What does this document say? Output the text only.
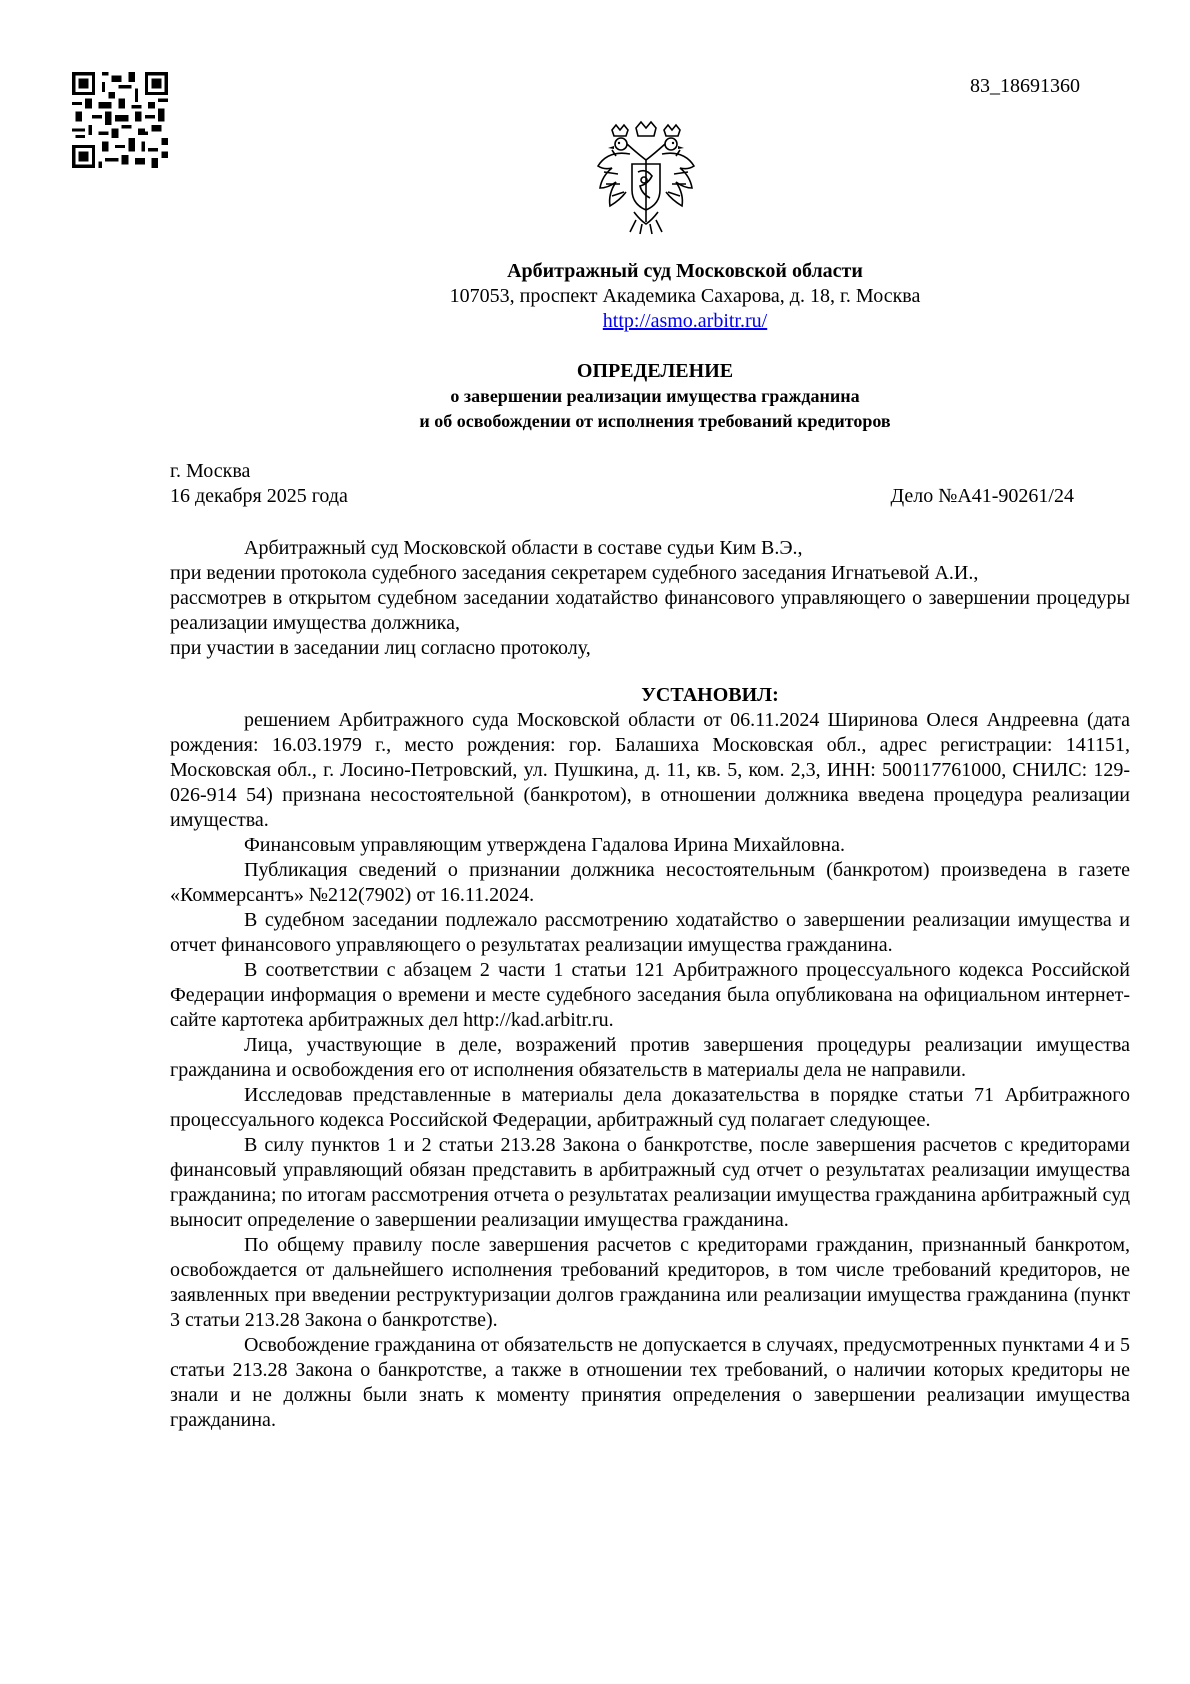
83_18691360
Арбитражный суд Московской области
107053, проспект Академика Сахарова, д. 18, г. Москва
http://asmo.arbitr.ru/
ОПРЕДЕЛЕНИЕ
о завершении реализации имущества гражданина
и об освобождении от исполнения требований кредиторов
г. Москва
16 декабря 2025 года	Дело №А41-90261/24

Арбитражный суд Московской области в составе судьи Ким В.Э.,

при ведении протокола судебного заседания секретарем судебного заседания Игнатьевой А.И.,

рассмотрев в открытом судебном заседании ходатайство финансового управляющего о завершении процедуры реализации имущества должника,

при участии в заседании лиц согласно протоколу,

УСТАНОВИЛ:

решением Арбитражного суда Московской области от 06.11.2024 Ширинова Олеся Андреевна (дата рождения: 16.03.1979 г., место рождения: гор. Балашиха Московская обл., адрес регистрации: 141151, Московская обл., г. Лосино-Петровский, ул. Пушкина, д. 11, кв. 5, ком. 2,3, ИНН: 500117761000, СНИЛС: 129-026-914 54) признана несостоятельной (банкротом), в отношении должника введена процедура реализации имущества.

Финансовым управляющим утверждена Гадалова Ирина Михайловна.

Публикация сведений о признании должника несостоятельным (банкротом) произведена в газете «Коммерсантъ» №212(7902) от 16.11.2024.

В судебном заседании подлежало рассмотрению ходатайство о завершении реализации имущества и отчет финансового управляющего о результатах реализации имущества гражданина.

В соответствии с абзацем 2 части 1 статьи 121 Арбитражного процессуального кодекса Российской Федерации информация о времени и месте судебного заседания была опубликована на официальном интернет-сайте картотека арбитражных дел http://kad.arbitr.ru.

Лица, участвующие в деле, возражений против завершения процедуры реализации имущества гражданина и освобождения его от исполнения обязательств в материалы дела не направили.

Исследовав представленные в материалы дела доказательства в порядке статьи 71 Арбитражного процессуального кодекса Российской Федерации, арбитражный суд полагает следующее.

В силу пунктов 1 и 2 статьи 213.28 Закона о банкротстве, после завершения расчетов с кредиторами финансовый управляющий обязан представить в арбитражный суд отчет о результатах реализации имущества гражданина; по итогам рассмотрения отчета о результатах реализации имущества гражданина арбитражный суд выносит определение о завершении реализации имущества гражданина.

По общему правилу после завершения расчетов с кредиторами гражданин, признанный банкротом, освобождается от дальнейшего исполнения требований кредиторов, в том числе требований кредиторов, не заявленных при введении реструктуризации долгов гражданина или реализации имущества гражданина (пункт 3 статьи 213.28 Закона о банкротстве).

Освобождение гражданина от обязательств не допускается в случаях, предусмотренных пунктами 4 и 5 статьи 213.28 Закона о банкротстве, а также в отношении тех требований, о наличии которых кредиторы не знали и не должны были знать к моменту принятия определения о завершении реализации имущества гражданина.
